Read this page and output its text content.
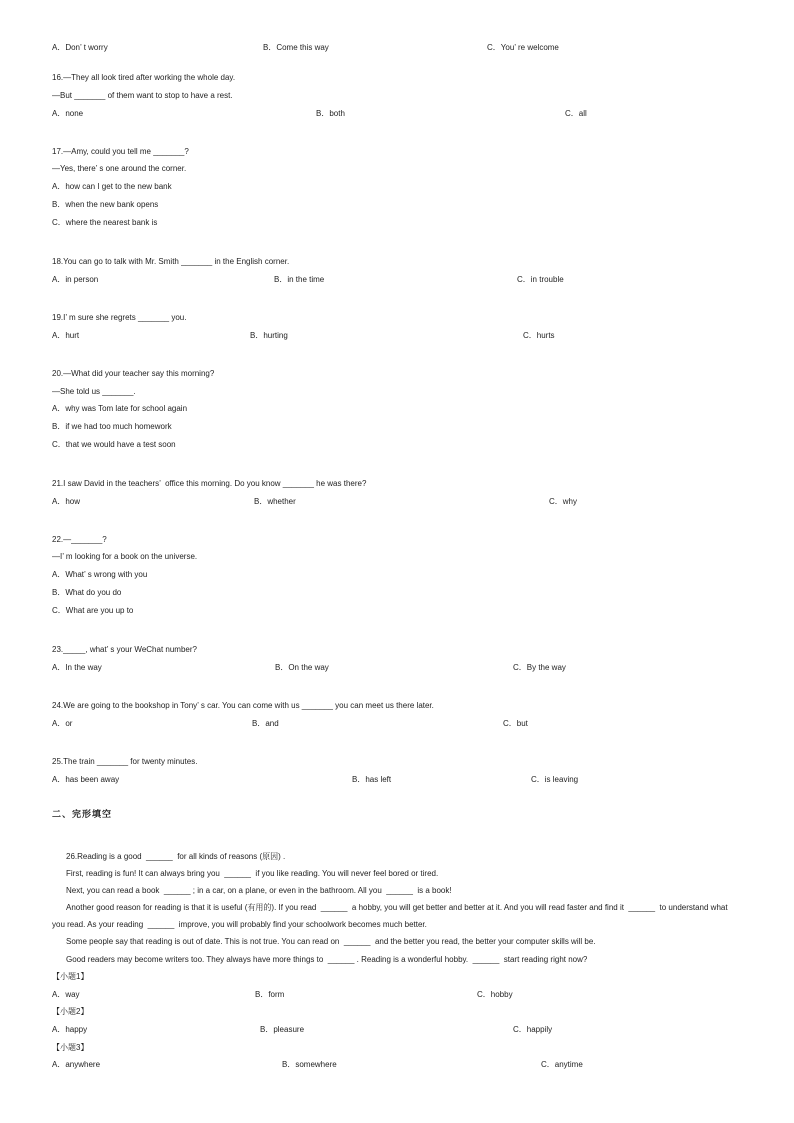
A．Don’ t worry	B．Come this way	C．You’ re welcome
16.—They all look tired after working the whole day.
—But _______ of them want to stop to have a rest.
A．none	B．both	C．all
17.—Amy, could you tell me _______?
—Yes, there’ s one around the corner.
A．how can I get to the new bank
B．when the new bank opens
C．where the nearest bank is
18.You can go to talk with Mr. Smith _______ in the English corner.
A．in person	B．in the time	C．in trouble
19.I’ m sure she regrets _______ you.
A．hurt	B．hurting	C．hurts
20.—What did your teacher say this morning?
—She told us _______.
A．why was Tom late for school again
B．if we had too much homework
C．that we would have a test soon
21.I saw David in the teachers’  office this morning. Do you know _______ he was there?
A．how	B．whether	C．why
22.—_______?
—I’ m looking for a book on the universe.
A．What’ s wrong with you
B．What do you do
C．What are you up to
23._____, what’ s your WeChat number?
A．In the way	B．On the way	C．By the way
24.We are going to the bookshop in Tony’ s car. You can come with us _______ you can meet us there later.
A．or	B．and	C．but
25.The train _______ for twenty minutes.
A．has been away	B．has left	C．is leaving
二、完形填空
26.Reading is a good  ______  for all kinds of reasons (原因) .
First, reading is fun! It can always bring you  ______  if you like reading. You will never feel bored or tired.
Next, you can read a book  ______ ; in a car, on a plane, or even in the bathroom. All you  ______  is a book!
Another good reason for reading is that it is useful (有用的). If you read  ______  a hobby, you will get better and better at it. And you will read faster and find it  ______  to understand what
you read. As your reading  ______  improve, you will probably find your schoolwork becomes much better.
Some people say that reading is out of date. This is not true. You can read on  ______  and the better you read, the better your computer skills will be.
Good readers may become writers too. They always have more things to  ______ . Reading is a wonderful hobby.  ______  start reading right now?
【小题1】
A．way	B．form	C．hobby
【小题2】
A．happy	B．pleasure	C．happily
【小题3】
A．anywhere	B．somewhere	C．anytime
